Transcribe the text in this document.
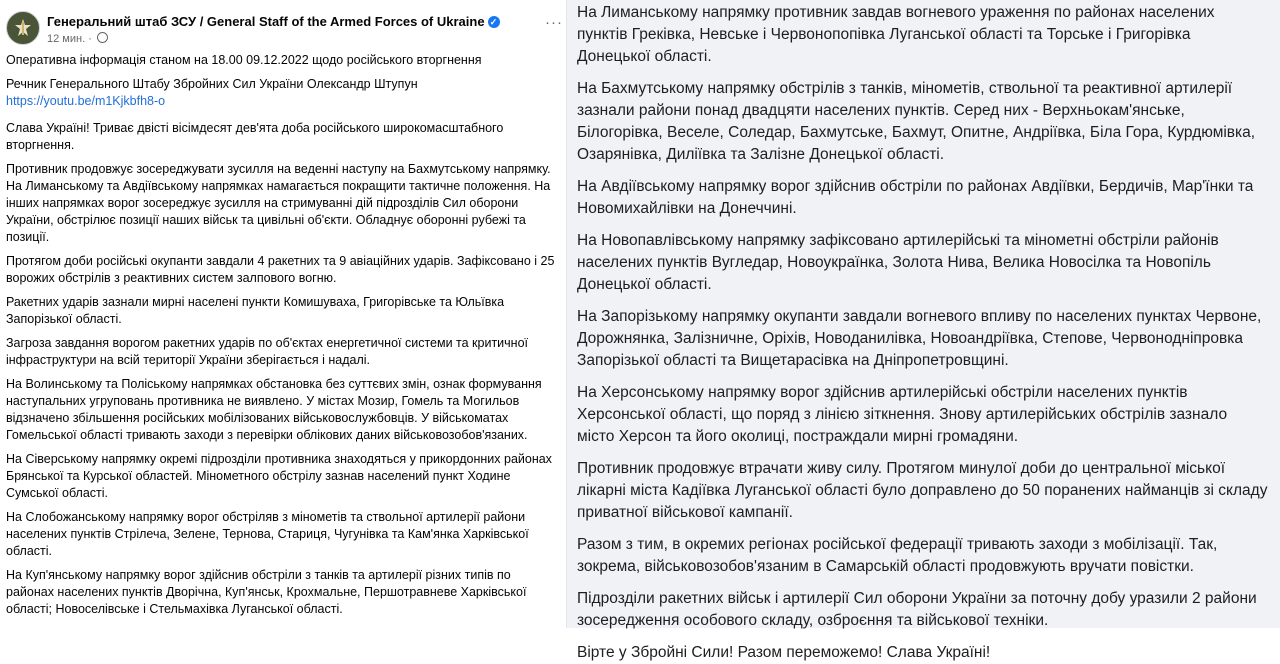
Генеральний штаб ЗСУ / General Staff of the Armed Forces of Ukraine ✓
12 мин. ·
···

Оперативна інформація станом на 18.00 09.12.2022 щодо російського вторгнення

Речник Генерального Штабу Збройних Сил України Олександр Штупун
https://youtu.be/m1Kjkbfh8-o

Слава Україні! Триває двісті вісімдесят дев'ята доба російського широкомасштабного вторгнення.

Противник продовжує зосереджувати зусилля на веденні наступу на Бахмутському напрямку. На Лиманському та Авдіївському напрямках намагається покращити тактичне положення. На інших напрямках ворог зосереджує зусилля на стримуванні дій підрозділів Сил оборони України, обстрілює позиції наших військ та цивільні об'єкти. Обладнує оборонні рубежі та позиції.

Протягом доби російські окупанти завдали 4 ракетних та 9 авіаційних ударів. Зафіксовано і 25 ворожих обстрілів з реактивних систем залпового вогню.

Ракетних ударів зазнали мирні населені пункти Комишуваха, Григорівське та Юльївка Запорізької області.

Загроза завдання ворогом ракетних ударів по об'єктах енергетичної системи та критичної інфраструктури на всій території України зберігається і надалі.

На Волинському та Поліському напрямках обстановка без суттєвих змін, ознак формування наступальних угруповань противника не виявлено. У містах Мозир, Гомель та Могильов відзначено збільшення російських мобілізованих військовослужбовців. У військоматах Гомельської області тривають заходи з перевірки облікових даних військовозобов'язаних.

На Сіверському напрямку окремі підрозділи противника знаходяться у прикордонних районах Брянської та Курської областей. Мінометного обстрілу зазнав населений пункт Ходине Сумської області.

На Слобожанському напрямку ворог обстріляв з мінометів та ствольної артилерії райони населених пунктів Стрілеча, Зелене, Тернова, Стариця, Чугунівка та Кам'янка Харківської області.

На Куп'янському напрямку ворог здійснив обстріли з танків та артилерії різних типів по районах населених пунктів Дворічна, Куп'янськ, Крохмальне, Першотравневе Харківської області; Новоселівське і Стельмахівка Луганської області.

На Лиманському напрямку противник завдав вогневого ураження по районах населених пунктів Греківка, Невське і Червонопопівка Луганської області та Торське і Григорівка Донецької області.

На Бахмутському напрямку обстрілів з танків, мінометів, ствольної та реактивної артилерії зазнали райони понад двадцяти населених пунктів. Серед них - Верхньокам'янське, Білогорівка, Веселе, Соледар, Бахмутське, Бахмут, Опитне, Андріївка, Біла Гора, Курдюмівка, Озарянівка, Диліївка та Залізне Донецької області.

На Авдіївському напрямку ворог здійснив обстріли по районах Авдіївки, Бердичів, Мар'їнки та Новомихайлівки на Донеччині.

На Новопавлівському напрямку зафіксовано артилерійські та мінометні обстріли районів населених пунктів Вугледар, Новоукраїнка, Золота Нива, Велика Новосілка та Новопіль Донецької області.

На Запорізькому напрямку окупанти завдали вогневого впливу по населених пунктах Червоне, Дорожнянка, Залізничне, Оріхів, Новоданилівка, Новоандріївка, Степове, Червонодніпровка Запорізької області та Вищетарасівка на Дніпропетровщині.

На Херсонському напрямку ворог здійснив артилерійські обстріли населених пунктів Херсонської області, що поряд з лінією зіткнення. Знову артилерійських обстрілів зазнало місто Херсон та його околиці, постраждали мирні громадяни.

Противник продовжує втрачати живу силу. Протягом минулої доби до центральної міської лікарні міста Кадіївка Луганської області було доправлено до 50 поранених найманців зі складу приватної військової кампанії.

Разом з тим, в окремих регіонах російської федерації тривають заходи з мобілізації. Так, зокрема, військовозобов'язаним в Самарській області продовжують вручати повістки.

Підрозділи ракетних військ і артилерії Сил оборони України за поточну добу уразили 2 райони зосередження особового складу, озброєння та військової техніки.

Вірте у Збройні Сили! Разом переможемо! Слава Україні!
